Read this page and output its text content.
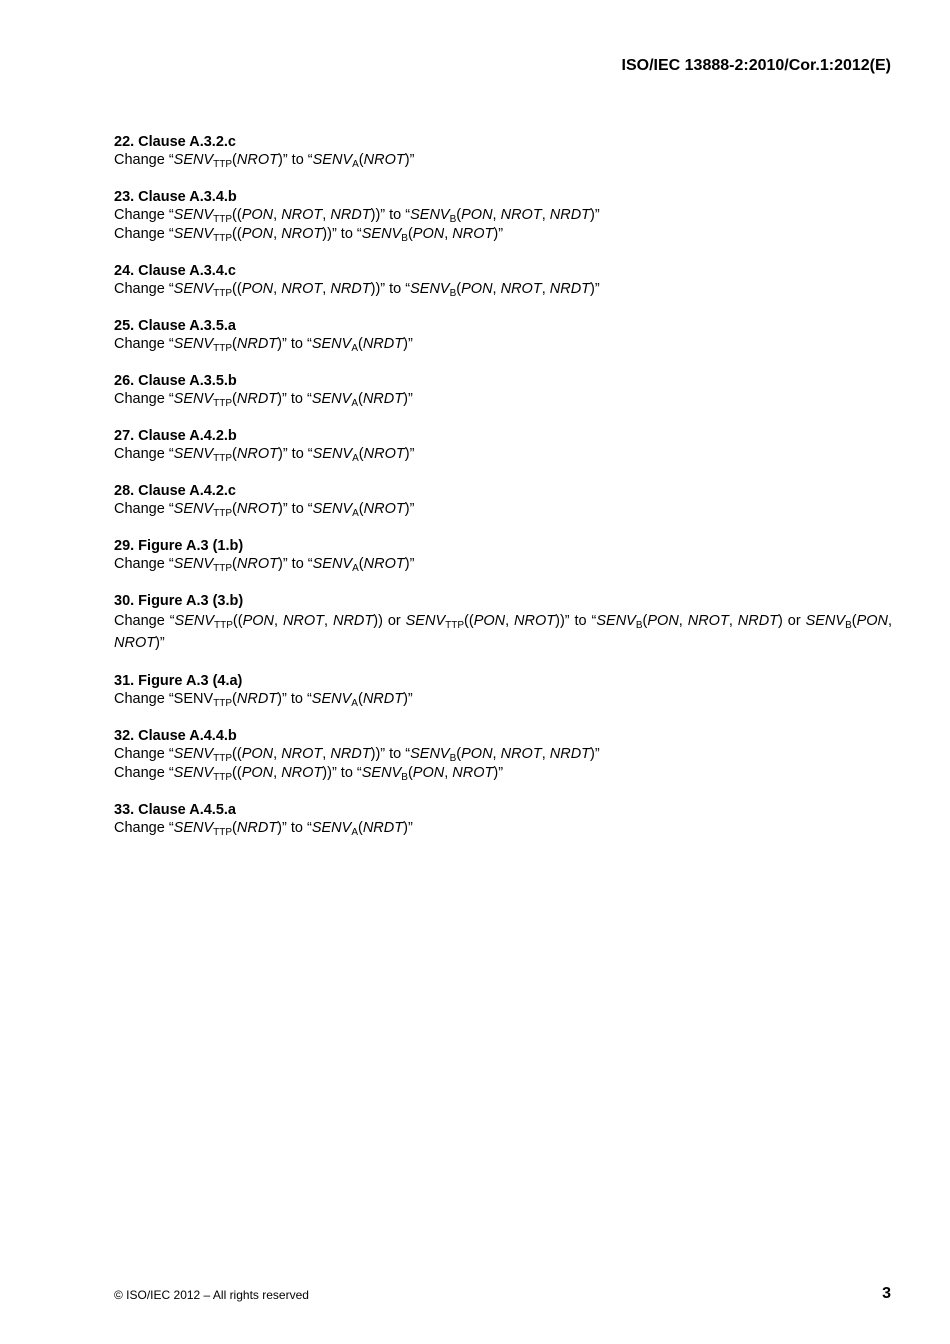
ISO/IEC 13888-2:2010/Cor.1:2012(E)
22. Clause A.3.2.c
Change “$SENV_{TTP}(NROT)$” to “$SENV_A(NROT)$”
23. Clause A.3.4.b
Change “$SENV_{TTP}((PON$, NROT, NRDT))” to “$SENV_B(PON$, NROT, NRDT)”
Change “$SENV_{TTP}((PON$, NROT))” to “$SENV_B(PON$, NROT)”
24. Clause A.3.4.c
Change “$SENV_{TTP}((PON$, NROT, NRDT))” to “$SENV_B(PON$, NROT, NRDT)”
25. Clause A.3.5.a
Change “$SENV_{TTP}(NRDT)$” to “$SENV_A(NRDT)$”
26. Clause A.3.5.b
Change “$SENV_{TTP}(NRDT)$” to “$SENV_A(NRDT)$”
27. Clause A.4.2.b
Change “$SENV_{TTP}(NROT)$” to “$SENV_A(NROT)$”
28. Clause A.4.2.c
Change “$SENV_{TTP}(NROT)$” to “$SENV_A(NROT)$”
29. Figure A.3 (1.b)
Change “$SENV_{TTP}(NROT)$” to “$SENV_A(NROT)$”
30. Figure A.3 (3.b)
Change “$SENV_{TTP}((PON$, NROT, NRDT)) or $SENV_{TTP}((PON$, NROT))” to “$SENV_B(PON$, NROT, NRDT) or $SENV_B(PON$, NROT)”
31. Figure A.3 (4.a)
Change “$SENV_{TTP}(NRDT)$” to “$SENV_A(NRDT)$”
32. Clause A.4.4.b
Change “$SENV_{TTP}((PON$, NROT, NRDT))” to “$SENV_B(PON$, NROT, NRDT)”
Change “$SENV_{TTP}((PON$, NROT))” to “$SENV_B(PON$, NROT)”
33. Clause A.4.5.a
Change “$SENV_{TTP}(NRDT)$” to “$SENV_A(NRDT)$”
© ISO/IEC 2012 – All rights reserved	3
